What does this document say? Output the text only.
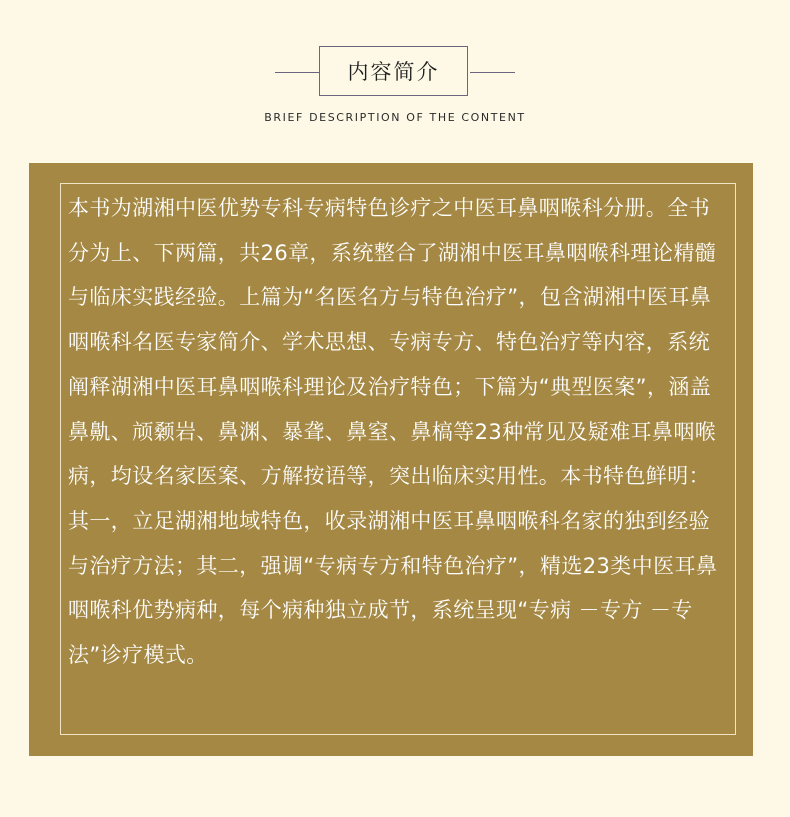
内容简介
BRIEF DESCRIPTION OF THE CONTENT

本书为湖湘中医优势专科专病特色诊疗之中医耳鼻咽喉科分册。全书分为上、下两篇，共26章，系统整合了湖湘中医耳鼻咽喉科理论精髓与临床实践经验。上篇为“名医名方与特色治疗”，包含湖湘中医耳鼻咽喉科名医专家简介、学术思想、专病专方、特色治疗等内容，系统阐释湖湘中医耳鼻咽喉科理论及治疗特色；下篇为“典型医案”，涵盖鼻鼽、颃颡岩、鼻渊、暴聋、鼻窒、鼻槁等23种常见及疑难耳鼻咽喉病，均设名家医案、方解按语等，突出临床实用性。本书特色鲜明：其一，立足湖湘地域特色，收录湖湘中医耳鼻咽喉科名家的独到经验与治疗方法；其二，强调“专病专方和特色治疗”，精选23类中医耳鼻咽喉科优势病种，每个病种独立成节，系统呈现“专病 －专方 －专法”诊疗模式。
